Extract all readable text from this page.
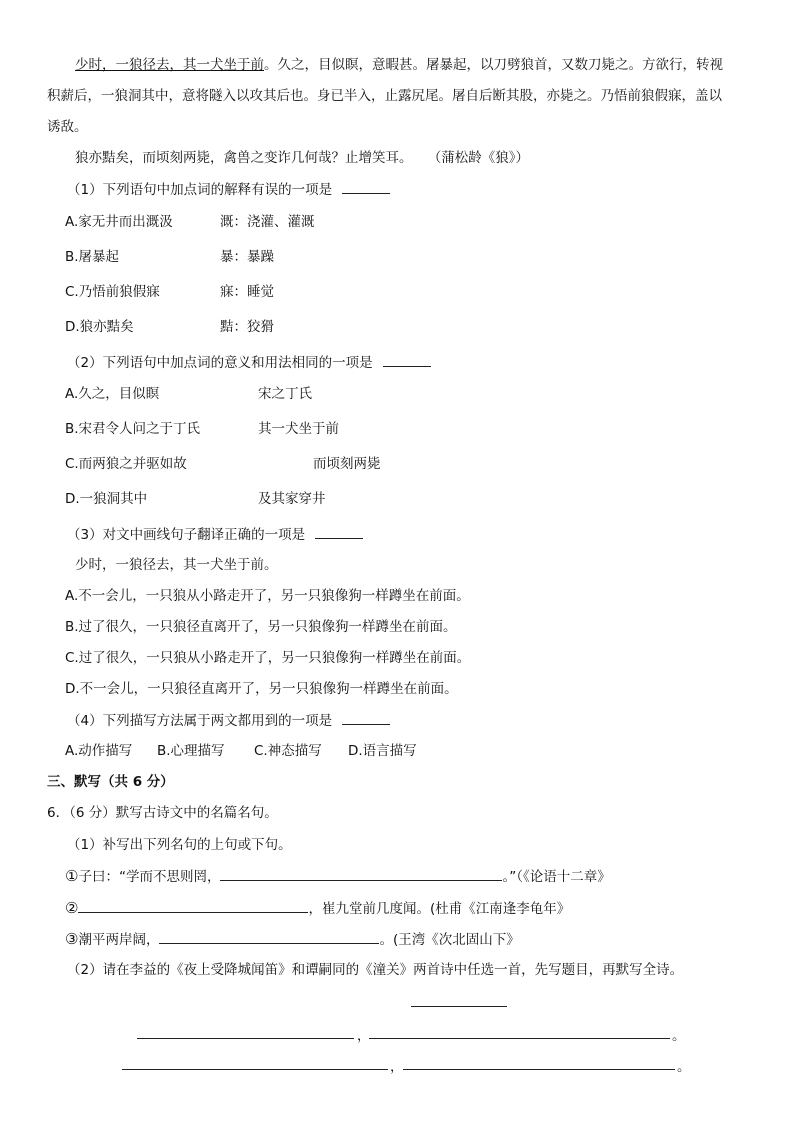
少时，一狼径去，其一犬坐于前。久之，目似瞑，意暇甚。屠暴起，以刀劈狼首，又数刀毙之。方欲行，转视
积薪后，一狼洞其中，意将隧入以攻其后也。身已半入，止露尻尾。屠自后断其股，亦毙之。乃悟前狼假寐，盖以
诱敌。
狼亦黠矣，而顷刻两毙，禽兽之变诈几何哉？止增笑耳。 （蒲松龄《狼》）
（1）下列语句中加点词的解释有误的一项是
A.家无井而出溉汲	溉：浇灌、灌溉
B.屠暴起	暴：暴躁
C.乃悟前狼假寐	寐：睡觉
D.狼亦黠矣	黠：狡猾
（2）下列语句中加点词的意义和用法相同的一项是
A.久之，目似瞑	宋之丁氏
B.宋君令人问之于丁氏	其一犬坐于前
C.而两狼之并驱如故	而顷刻两毙
D.一狼洞其中	及其家穿井
（3）对文中画线句子翻译正确的一项是
少时，一狼径去，其一犬坐于前。
A.不一会儿，一只狼从小路走开了，另一只狼像狗一样蹲坐在前面。
B.过了很久，一只狼径直离开了，另一只狼像狗一样蹲坐在前面。
C.过了很久，一只狼从小路走开了，另一只狼像狗一样蹲坐在前面。
D.不一会儿，一只狼径直离开了，另一只狼像狗一样蹲坐在前面。
（4）下列描写方法属于两文都用到的一项是
A.动作描写 B.心理描写 C.神态描写 D.语言描写
三、默写（共 6 分）
6．（6 分）默写古诗文中的名篇名句。
（1）补写出下列名句的上句或下句。
①子曰：“学而不思则罔，	。”（《论语十二章》
②	，崔九堂前几度闻。(杜甫《江南逢李龟年》
③潮平两岸阔，	。(王湾《次北固山下》
（2）请在李益的《夜上受降城闻笛》和谭嗣同的《潼关》两首诗中任选一首，先写题目，再默写全诗。
，	。
，	。
